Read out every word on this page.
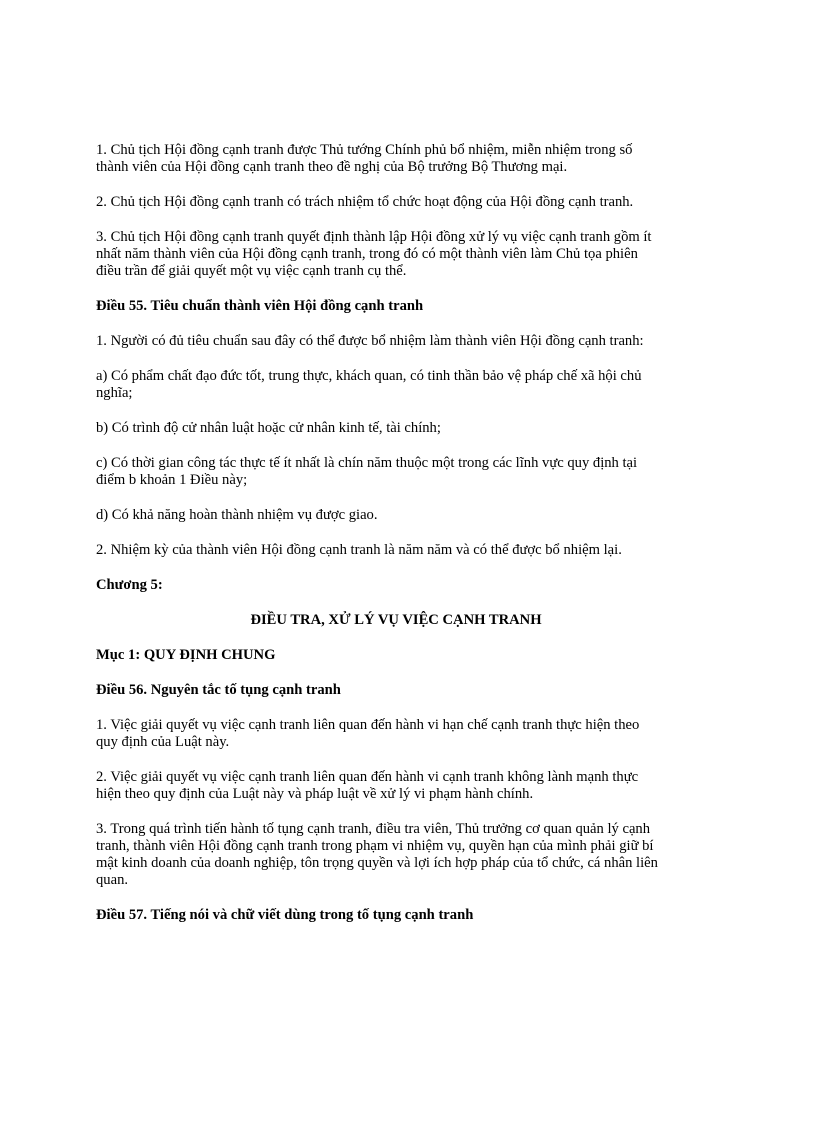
1. Chủ tịch Hội đồng cạnh tranh được Thủ tướng Chính phủ bổ nhiệm, miễn nhiệm trong số
thành viên của Hội đồng cạnh tranh theo đề nghị của Bộ trưởng Bộ Thương mại.

2. Chủ tịch Hội đồng cạnh tranh có trách nhiệm tổ chức hoạt động của Hội đồng cạnh tranh.

3. Chủ tịch Hội đồng cạnh tranh quyết định thành lập Hội đồng xử lý vụ việc cạnh tranh gồm ít
nhất năm thành viên của Hội đồng cạnh tranh, trong đó có một thành viên làm Chủ tọa phiên
điều trần để giải quyết một vụ việc cạnh tranh cụ thể.

Điều 55. Tiêu chuẩn thành viên Hội đồng cạnh tranh

1. Người có đủ tiêu chuẩn sau đây có thể được bổ nhiệm làm thành viên Hội đồng cạnh tranh:

a) Có phẩm chất đạo đức tốt, trung thực, khách quan, có tinh thần bảo vệ pháp chế xã hội chủ
nghĩa;

b) Có trình độ cử nhân luật hoặc cử nhân kinh tế, tài chính;

c) Có thời gian công tác thực tế ít nhất là chín năm thuộc một trong các lĩnh vực quy định tại
điểm b khoản 1 Điều này;

d) Có khả năng hoàn thành nhiệm vụ được giao.

2. Nhiệm kỳ của thành viên Hội đồng cạnh tranh là năm năm và có thể được bổ nhiệm lại.

Chương 5:

ĐIỀU TRA, XỬ LÝ VỤ VIỆC CẠNH TRANH

Mục 1: QUY ĐỊNH CHUNG

Điều 56. Nguyên tắc tố tụng cạnh tranh

1. Việc giải quyết vụ việc cạnh tranh liên quan đến hành vi hạn chế cạnh tranh thực hiện theo
quy định của Luật này.

2. Việc giải quyết vụ việc cạnh tranh liên quan đến hành vi cạnh tranh không lành mạnh thực
hiện theo quy định của Luật này và pháp luật về xử lý vi phạm hành chính.

3. Trong quá trình tiến hành tố tụng cạnh tranh, điều tra viên, Thủ trưởng cơ quan quản lý cạnh
tranh, thành viên Hội đồng cạnh tranh trong phạm vi nhiệm vụ, quyền hạn của mình phải giữ bí
mật kinh doanh của doanh nghiệp, tôn trọng quyền và lợi ích hợp pháp của tổ chức, cá nhân liên
quan.

Điều 57. Tiếng nói và chữ viết dùng trong tố tụng cạnh tranh
